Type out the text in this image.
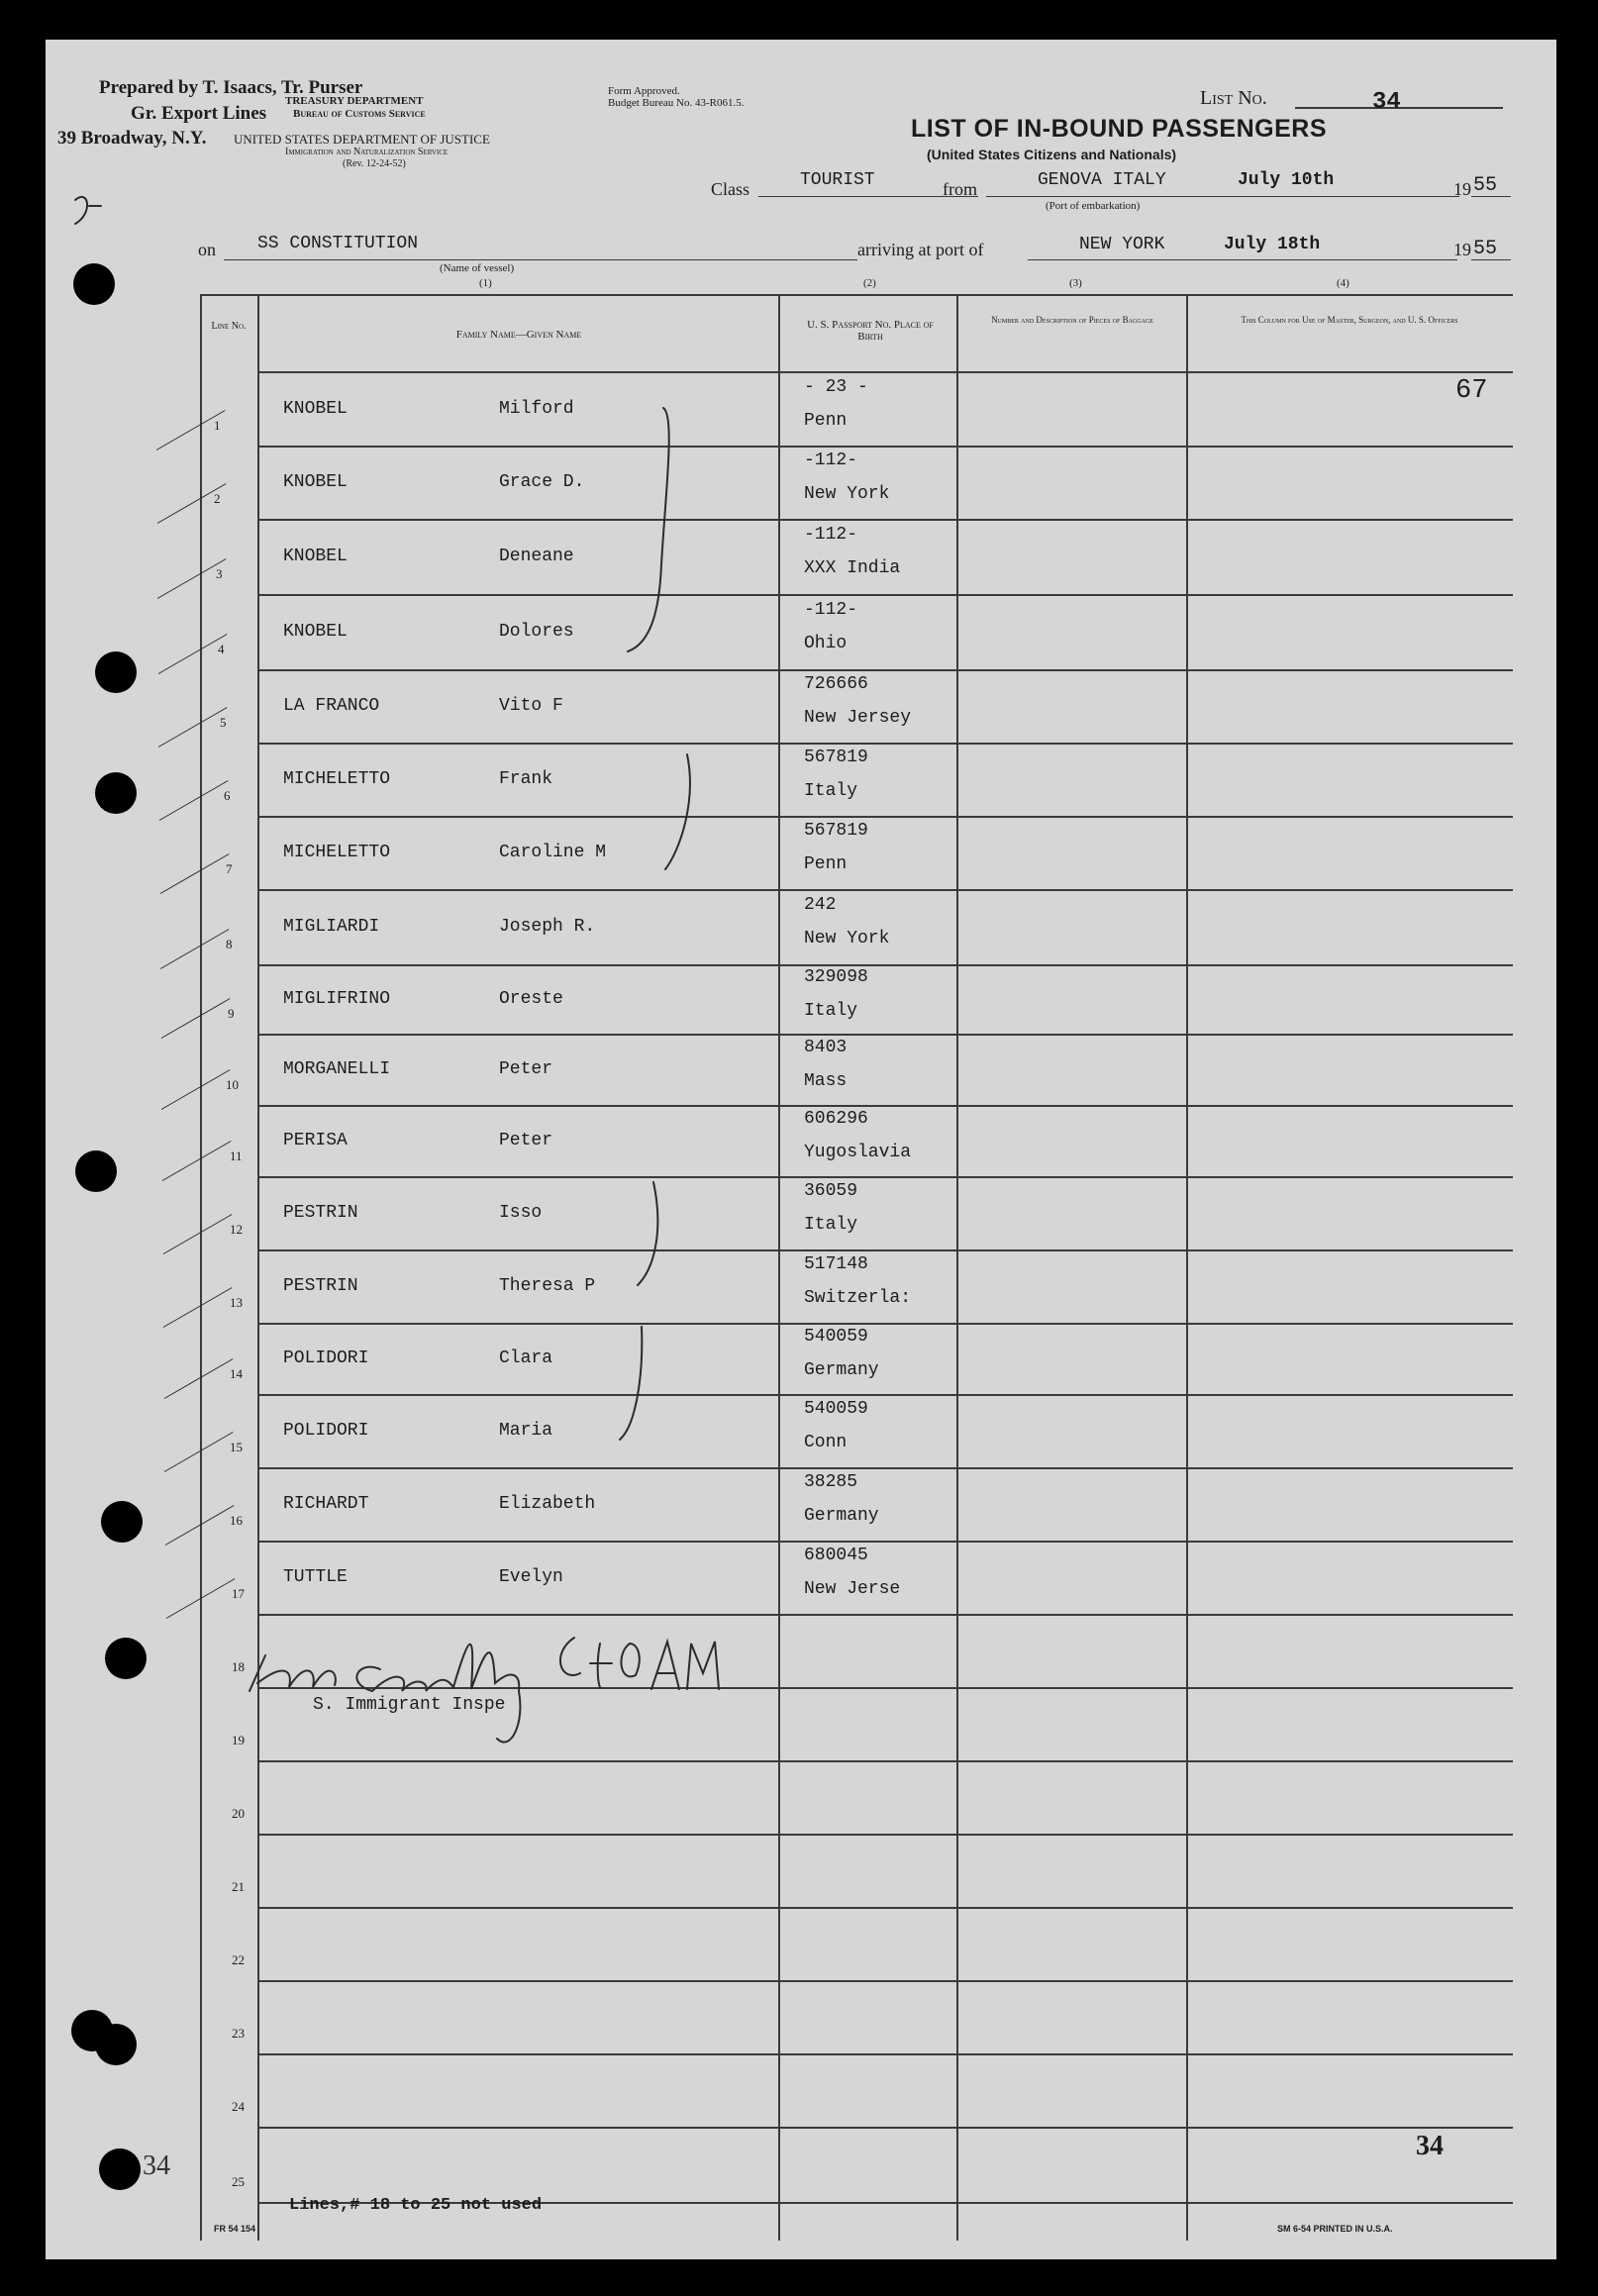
Prepared by T. Isaacs, Tr. Purser
Gr. Export Lines
39 Broadway, N.Y.
TREASURY DEPARTMENT
Bureau of Customs Service
UNITED STATES DEPARTMENT OF JUSTICE
Immigration and Naturalization Service
(Rev. 12-24-52)
Form Approved.
Budget Bureau No. 43-R061.5.	List No.	34
LIST OF IN-BOUND PASSENGERS
(United States Citizens and Nationals)
Class	TOURIST	from	GENOVA ITALY	July 10th	19 55
(Port of embarkation)
on SS CONSTITUTION
(Name of vessel)
arriving at port of	NEW YORK	July 18th	19 55
(1)	(2)	(3)	(4)
Line No.
Family Name—Given Name
U. S. Passport No. Place of Birth
Number and Description of Pieces of Baggage	This Column for Use of Master, Surgeon, and U. S. Officers
1
KNOBEL	Milford
- 23 -
Penn
2
KNOBEL	Grace D.
-112-
New York
3
KNOBEL	Deneane
-112-
XXX India
4
KNOBEL	Dolores
-112-
Ohio
5
LA FRANCO	Vito F
726666
New Jersey
6
MICHELETTO	Frank
567819
Italy
7
MICHELETTO	Caroline M
567819
Penn
8
MIGLIARDI	Joseph R.
242
New York
9
MIGLIFRINO	Oreste
329098
Italy
10
MORGANELLI	Peter
8403
Mass
11
PERISA	Peter
606296
Yugoslavia
12
PESTRIN	Isso
36059
Italy
13
PESTRIN	Theresa P
517148
Switzerla:
14
POLIDORI	Clara
540059
Germany
15
POLIDORI	Maria
540059
Conn
16
RICHARDT	Elizabeth
38285
Germany
17
TUTTLE	Evelyn
680045
New Jerse
18
19
20
21
22
23
24
25
67
34
34
Lines,# 18 to 25 not used
FR 54 154	SM 6-54 PRINTED IN U.S.A.
L W Cowley
S. Immigrant Inspe
